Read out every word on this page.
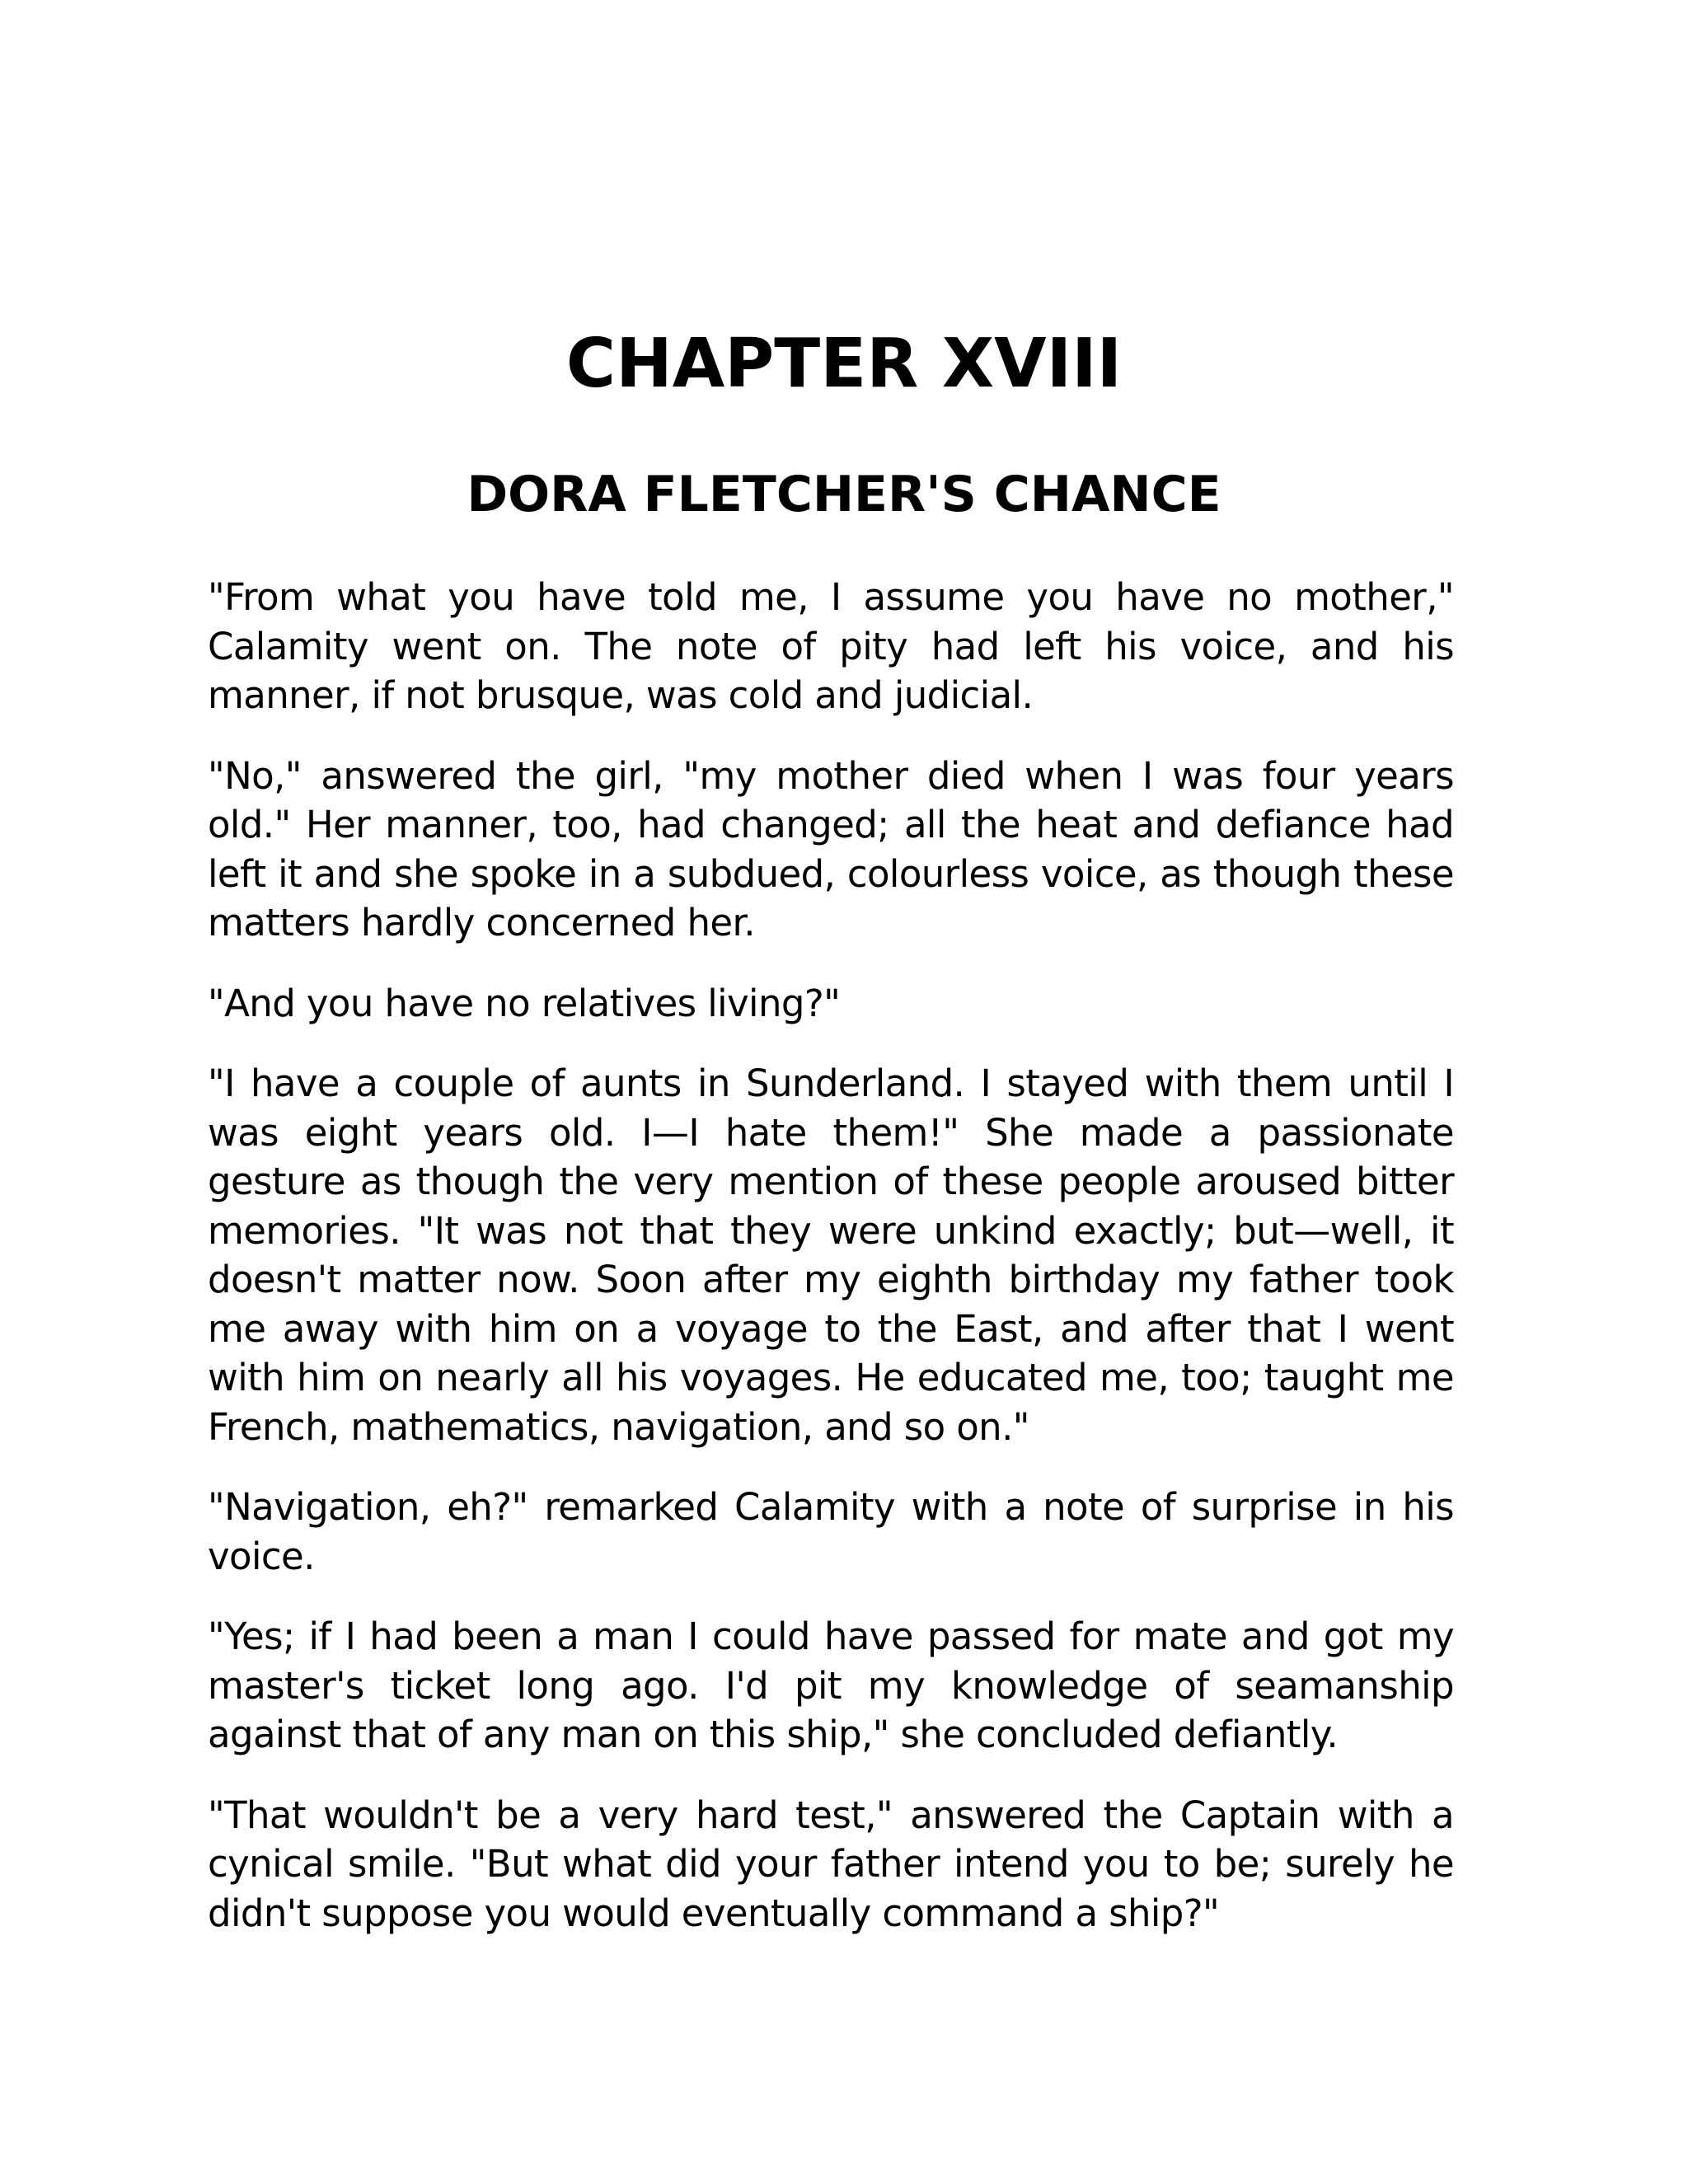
CHAPTER XVIII
DORA FLETCHER'S CHANCE

"From what you have told me, I assume you have no mother," Calamity went on. The note of pity had left his voice, and his manner, if not brusque, was cold and judicial.

"No," answered the girl, "my mother died when I was four years old." Her manner, too, had changed; all the heat and defiance had left it and she spoke in a subdued, colourless voice, as though these matters hardly concerned her.

"And you have no relatives living?"

"I have a couple of aunts in Sunderland. I stayed with them until I was eight years old. I—I hate them!" She made a passionate gesture as though the very mention of these people aroused bitter memories. "It was not that they were unkind exactly; but—well, it doesn't matter now. Soon after my eighth birthday my father took me away with him on a voyage to the East, and after that I went with him on nearly all his voyages. He educated me, too; taught me French, mathematics, navigation, and so on."

"Navigation, eh?" remarked Calamity with a note of surprise in his voice.

"Yes; if I had been a man I could have passed for mate and got my master's ticket long ago. I'd pit my knowledge of seamanship against that of any man on this ship," she concluded defiantly.

"That wouldn't be a very hard test," answered the Captain with a cynical smile. "But what did your father intend you to be; surely he didn't suppose you would eventually command a ship?"
